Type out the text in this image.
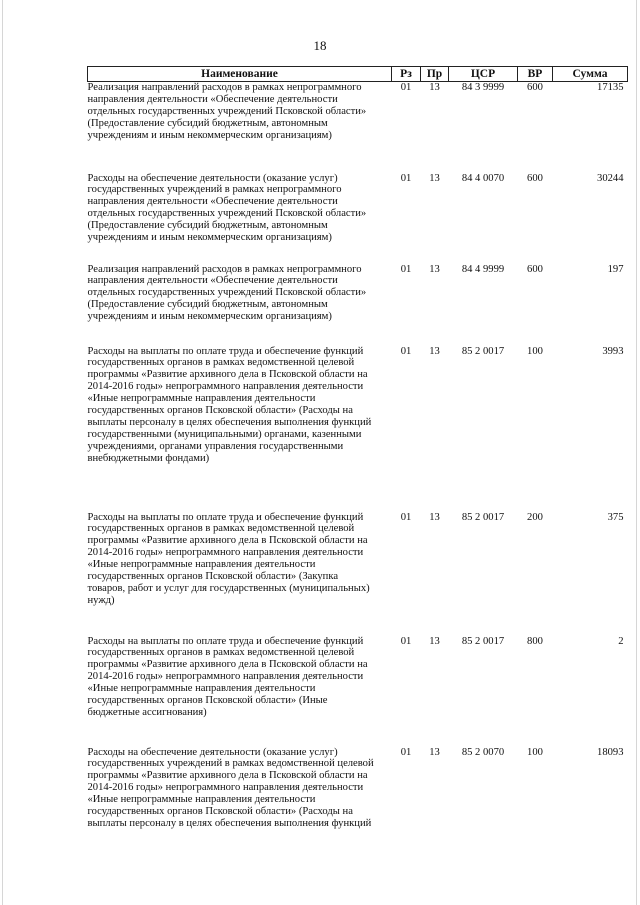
18
Наименование	Рз	Пр	ЦСР	ВР	Сумма
Реализация направлений расходов в рамках непрограммного направления деятельности «Обеспечение деятельности отдельных государственных учреждений Псковской области» (Предоставление субсидий бюджетным, автономным учреждениям и иным некоммерческим организациям)	01	13	84 3 9999	600	17135
Расходы на обеспечение деятельности (оказание услуг) государственных учреждений в рамках непрограммного направления деятельности «Обеспечение деятельности отдельных государственных учреждений Псковской области» (Предоставление субсидий бюджетным, автономным учреждениям и иным некоммерческим организациям)	01	13	84 4 0070	600	30244
Реализация направлений расходов в рамках непрограммного направления деятельности «Обеспечение деятельности отдельных государственных учреждений Псковской области» (Предоставление субсидий бюджетным, автономным учреждениям и иным некоммерческим организациям)	01	13	84 4 9999	600	197
Расходы на выплаты по оплате труда и обеспечение функций государственных органов в рамках ведомственной целевой программы «Развитие архивного дела в Псковской области на 2014-2016 годы» непрограммного направления деятельности «Иные непрограммные направления деятельности государственных органов Псковской области» (Расходы на выплаты персоналу в целях обеспечения выполнения функций государственными (муниципальными) органами, казенными учреждениями, органами управления государственными внебюджетными фондами)	01	13	85 2 0017	100	3993
Расходы на выплаты по оплате труда и обеспечение функций государственных органов в рамках ведомственной целевой программы «Развитие архивного дела в Псковской области на 2014-2016 годы» непрограммного направления деятельности «Иные непрограммные направления деятельности государственных органов Псковской области» (Закупка товаров, работ и услуг для государственных (муниципальных) нужд)	01	13	85 2 0017	200	375
Расходы на выплаты по оплате труда и обеспечение функций государственных органов в рамках ведомственной целевой программы «Развитие архивного дела в Псковской области на 2014-2016 годы» непрограммного направления деятельности «Иные непрограммные направления деятельности государственных органов Псковской области» (Иные бюджетные ассигнования)	01	13	85 2 0017	800	2
Расходы на обеспечение деятельности (оказание услуг) государственных учреждений в рамках ведомственной целевой программы «Развитие архивного дела в Псковской области на 2014-2016 годы» непрограммного направления деятельности «Иные непрограммные направления деятельности государственных органов Псковской области» (Расходы на выплаты персоналу в целях обеспечения выполнения функций	01	13	85 2 0070	100	18093
